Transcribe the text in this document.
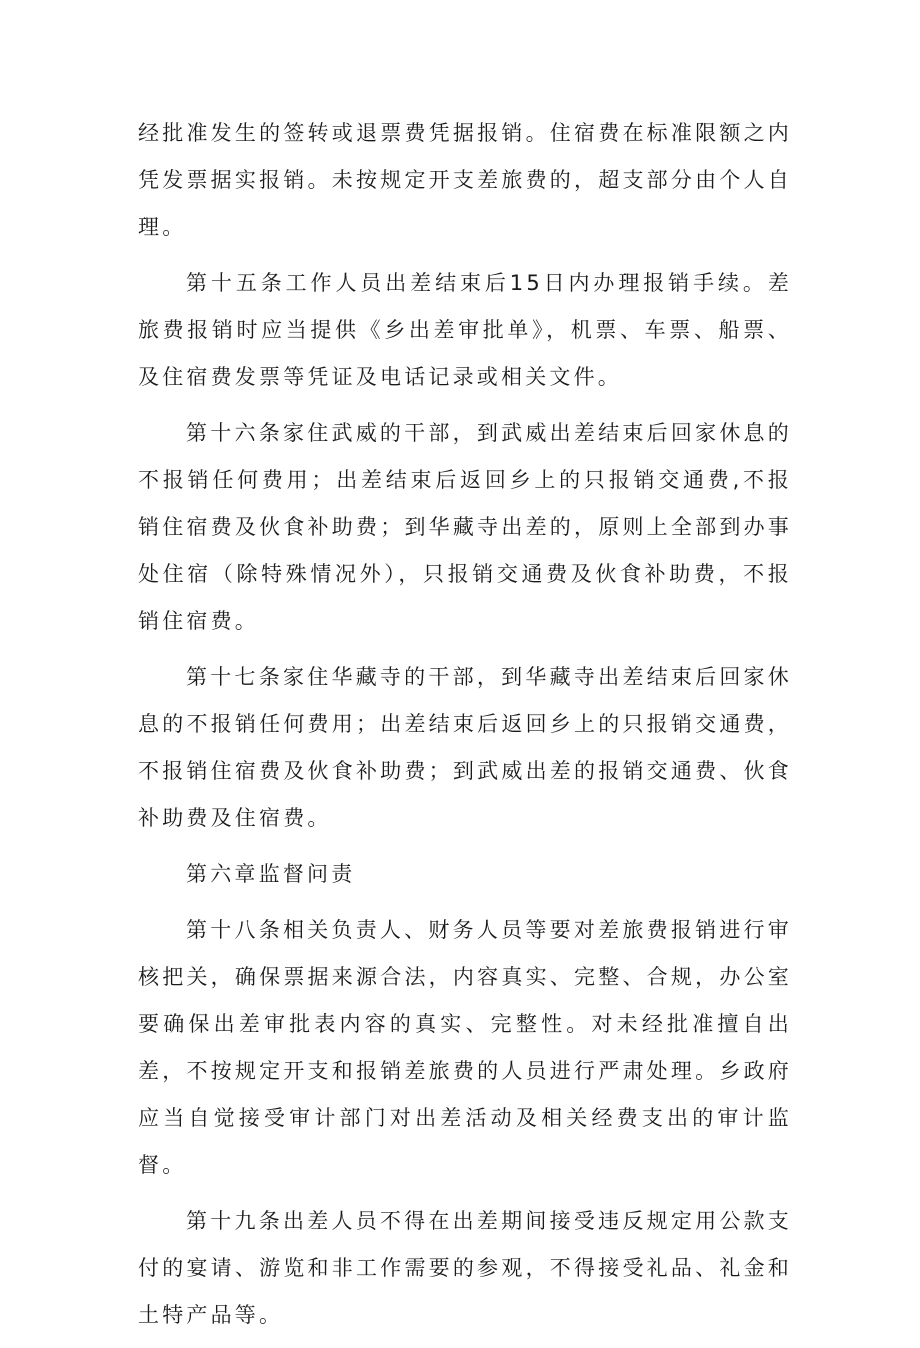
经批准发生的签转或退票费凭据报销。住宿费在标准限额之内凭发票据实报销。未按规定开支差旅费的，超支部分由个人自理。

第十五条工作人员出差结束后15日内办理报销手续。差旅费报销时应当提供《乡出差审批单》，机票、车票、船票、及住宿费发票等凭证及电话记录或相关文件。

第十六条家住武威的干部，到武威出差结束后回家休息的不报销任何费用；出差结束后返回乡上的只报销交通费,不报销住宿费及伙食补助费；到华藏寺出差的，原则上全部到办事处住宿（除特殊情况外），只报销交通费及伙食补助费，不报销住宿费。

第十七条家住华藏寺的干部，到华藏寺出差结束后回家休息的不报销任何费用；出差结束后返回乡上的只报销交通费，不报销住宿费及伙食补助费；到武威出差的报销交通费、伙食补助费及住宿费。

第六章监督问责

第十八条相关负责人、财务人员等要对差旅费报销进行审核把关，确保票据来源合法，内容真实、完整、合规，办公室要确保出差审批表内容的真实、完整性。对未经批准擅自出差，不按规定开支和报销差旅费的人员进行严肃处理。乡政府应当自觉接受审计部门对出差活动及相关经费支出的审计监督。

第十九条出差人员不得在出差期间接受违反规定用公款支付的宴请、游览和非工作需要的参观，不得接受礼品、礼金和土特产品等。
